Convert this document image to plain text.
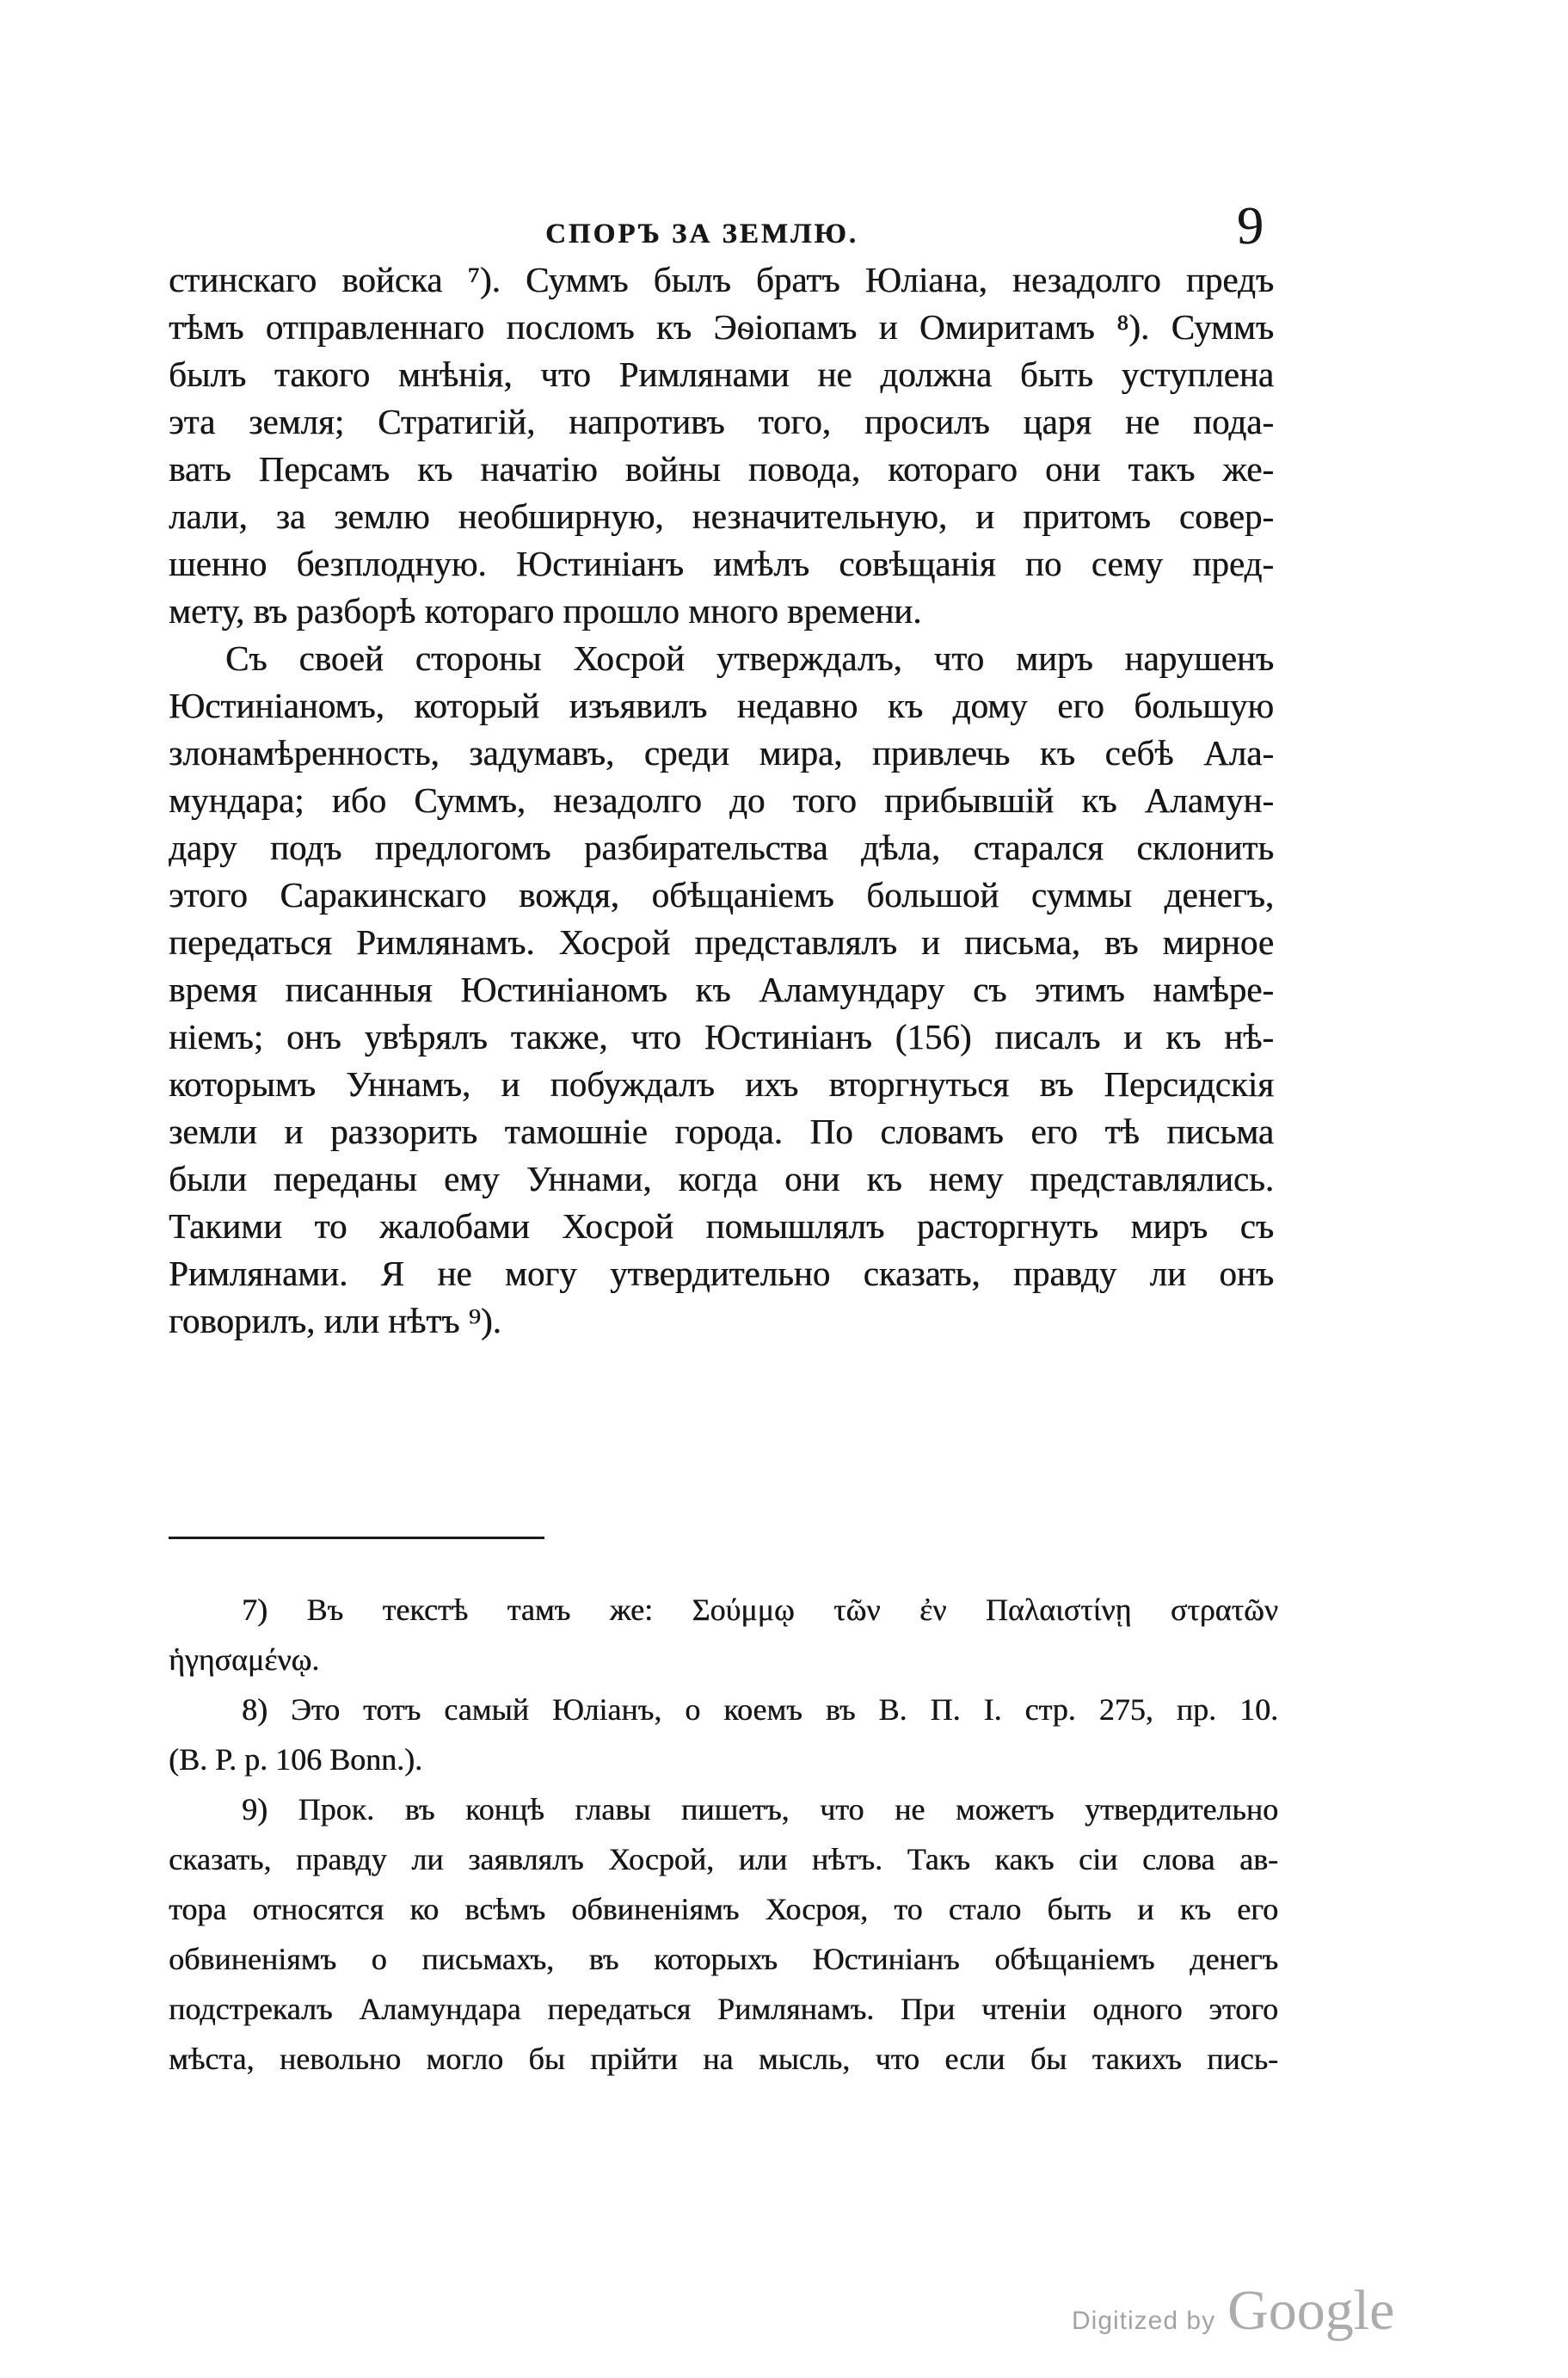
СПОРЪ ЗА ЗЕМЛЮ.	9
стинскаго войска ⁷). Суммъ былъ братъ Юліана, незадолго предъ
тѣмъ отправленнаго посломъ къ Эѳіопамъ и Омиритамъ ⁸). Суммъ
былъ такого мнѣнія, что Римлянами не должна быть уступлена
эта земля; Стратигій, напротивъ того, просилъ царя не пода-
вать Персамъ къ начатію войны повода, котораго они такъ же-
лали, за землю необширную, незначительную, и притомъ совер-
шенно безплодную. Юстиніанъ имѣлъ совѣщанія по сему пред-
мету, въ разборѣ котораго прошло много времени.
Съ своей стороны Хосрой утверждалъ, что миръ нарушенъ
Юстиніаномъ, который изъявилъ недавно къ дому его большую
злонамѣренность, задумавъ, среди мира, привлечь къ себѣ Ала-
мундара; ибо Суммъ, незадолго до того прибывшій къ Аламун-
дару подъ предлогомъ разбирательства дѣла, старался склонить
этого Саракинскаго вождя, обѣщаніемъ большой суммы денегъ,
передаться Римлянамъ. Хосрой представлялъ и письма, въ мирное
время писанныя Юстиніаномъ къ Аламундару съ этимъ намѣре-
ніемъ; онъ увѣрялъ также, что Юстиніанъ (156) писалъ и къ нѣ-
которымъ Уннамъ, и побуждалъ ихъ вторгнуться въ Персидскія
земли и раззорить тамошніе города. По словамъ его тѣ письма
были переданы ему Уннами, когда они къ нему представлялись.
Такими то жалобами Хосрой помышлялъ расторгнуть миръ съ
Римлянами. Я не могу утвердительно сказать, правду ли онъ
говорилъ, или нѣтъ ⁹).
7) Въ текстѣ тамъ же: Σούμμῳ τῶν ἐν Παλαιστίνῃ στρατῶν
ἡγησαμένῳ.
8) Это тотъ самый Юліанъ, о коемъ въ В. П. I. стр. 275, пр. 10.
(B. P. p. 106 Bonn.).
9) Прок. въ концѣ главы пишетъ, что не можетъ утвердительно
сказать, правду ли заявлялъ Хосрой, или нѣтъ. Такъ какъ сіи слова ав-
тора относятся ко всѣмъ обвиненіямъ Хосроя, то стало быть и къ его
обвиненіямъ о письмахъ, въ которыхъ Юстиніанъ обѣщаніемъ денегъ
подстрекалъ Аламундара передаться Римлянамъ. При чтеніи одного этого
мѣста, невольно могло бы прійти на мысль, что если бы такихъ пись-
Digitized by Google
